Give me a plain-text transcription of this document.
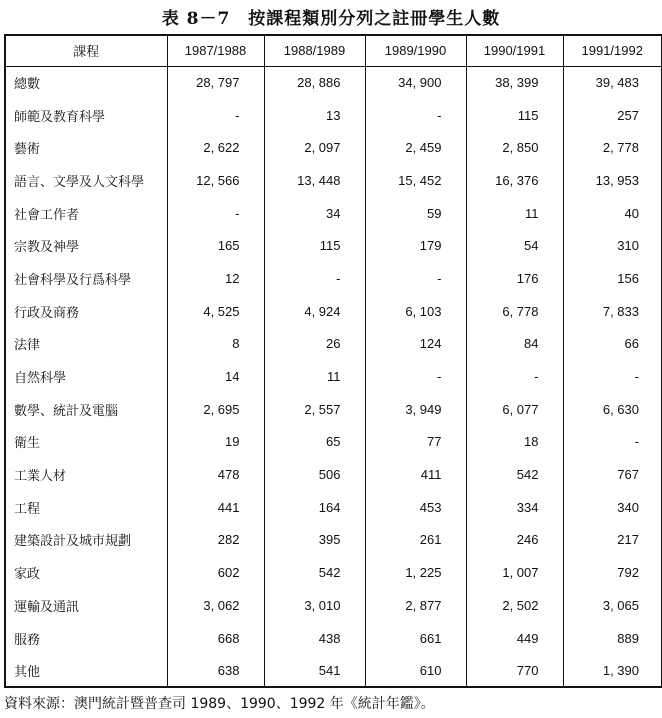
表 8－7　按課程類別分列之註冊學生人數
課程	1987/1988	1988/1989	1989/1990	1990/1991	1991/1992
總數	28, 797	28, 886	34, 900	38, 399	39, 483
師範及教育科學	-	13	-	115	257
藝術	2, 622	2, 097	2, 459	2, 850	2, 778
語言、文學及人文科學	12, 566	13, 448	15, 452	16, 376	13, 953
社會工作者	-	34	59	11	40
宗教及神學	165	115	179	54	310
社會科學及行爲科學	12	-	-	176	156
行政及商務	4, 525	4, 924	6, 103	6, 778	7, 833
法律	8	26	124	84	66
自然科學	14	11	-	-	-
數學、統計及電腦	2, 695	2, 557	3, 949	6, 077	6, 630
衛生	19	65	77	18	-
工業人材	478	506	411	542	767
工程	441	164	453	334	340
建築設計及城市規劃	282	395	261	246	217
家政	602	542	1, 225	1, 007	792
運輸及通訊	3, 062	3, 010	2, 877	2, 502	3, 065
服務	668	438	661	449	889
其他	638	541	610	770	1, 390
資料來源：澳門統計暨普查司 1989、1990、1992 年《統計年鑑》。
